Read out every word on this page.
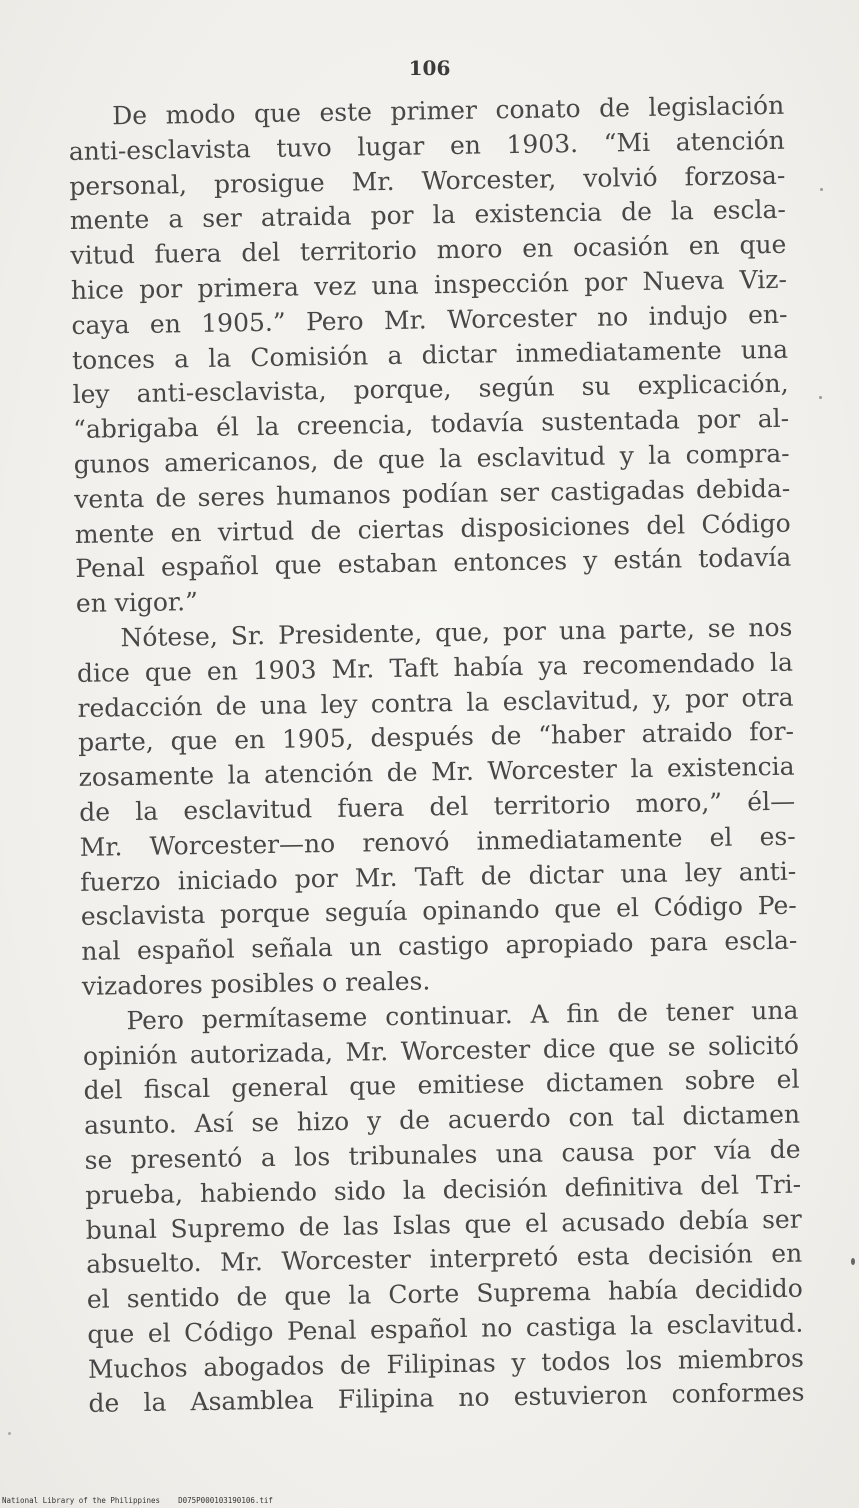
106
De modo que este primer conato de legislación
anti-esclavista tuvo lugar en 1903. “Mi atención
personal, prosigue Mr. Worcester, volvió forzosa-
mente a ser atraida por la existencia de la escla-
vitud fuera del territorio moro en ocasión en que
hice por primera vez una inspección por Nueva Viz-
caya en 1905.” Pero Mr. Worcester no indujo en-
tonces a la Comisión a dictar inmediatamente una
ley anti-esclavista, porque, según su explicación,
“abrigaba él la creencia, todavía sustentada por al-
gunos americanos, de que la esclavitud y la compra-
venta de seres humanos podían ser castigadas debida-
mente en virtud de ciertas disposiciones del Código
Penal español que estaban entonces y están todavía
en vigor.”
Nótese, Sr. Presidente, que, por una parte, se nos
dice que en 1903 Mr. Taft había ya recomendado la
redacción de una ley contra la esclavitud, y, por otra
parte, que en 1905, después de “haber atraido for-
zosamente la atención de Mr. Worcester la existencia
de la esclavitud fuera del territorio moro,” él—
Mr. Worcester—no renovó inmediatamente el es-
fuerzo iniciado por Mr. Taft de dictar una ley anti-
esclavista porque seguía opinando que el Código Pe-
nal español señala un castigo apropiado para escla-
vizadores posibles o reales.
Pero permítaseme continuar. A fin de tener una
opinión autorizada, Mr. Worcester dice que se solicitó
del fiscal general que emitiese dictamen sobre el
asunto. Así se hizo y de acuerdo con tal dictamen
se presentó a los tribunales una causa por vía de
prueba, habiendo sido la decisión definitiva del Tri-
bunal Supremo de las Islas que el acusado debía ser
absuelto. Mr. Worcester interpretó esta decisión en
el sentido de que la Corte Suprema había decidido
que el Código Penal español no castiga la esclavitud.
Muchos abogados de Filipinas y todos los miembros
de la Asamblea Filipina no estuvieron conformes
National Library of the Philippines D075P000103190106.tif
